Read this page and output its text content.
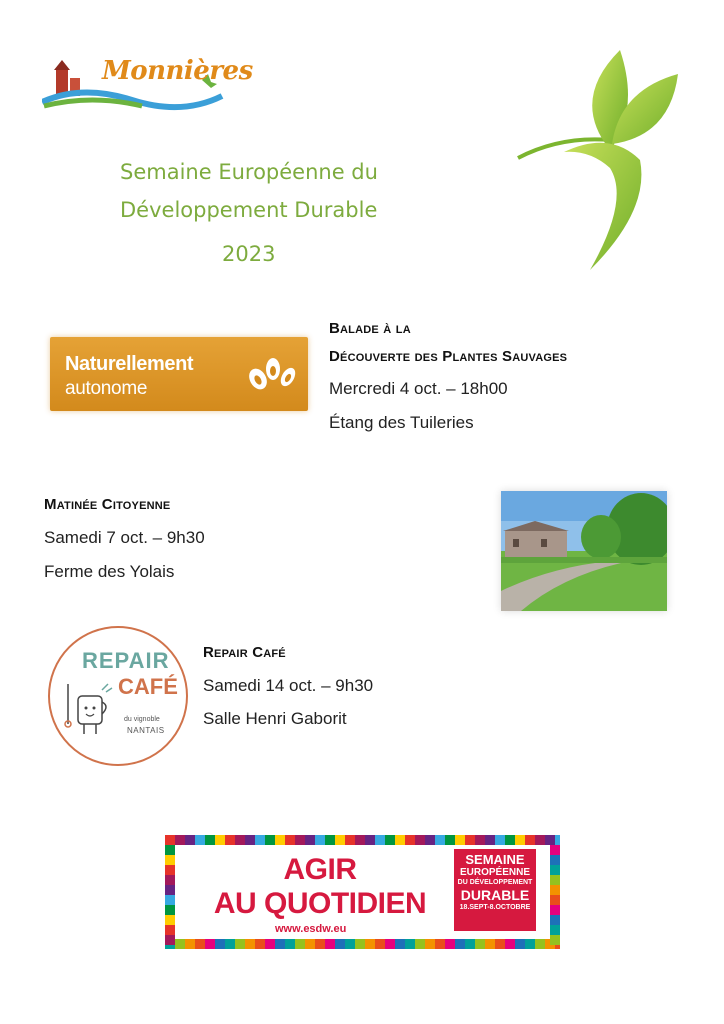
Monnières
Semaine Européenne du
Développement Durable
2023
Naturellement
autonome
Balade à la
Découverte des Plantes Sauvages
Mercredi 4 oct. – 18h00
Étang des Tuileries
Matinée Citoyenne
Samedi 7 oct. – 9h30
Ferme des Yolais
REPAIR
CAFÉ
du vignoble
NANTAIS
Repair Café
Samedi 14 oct. – 9h30
Salle Henri Gaborit
AGIR
AU QUOTIDIEN
www.esdw.eu
SEMAINE
EUROPÉENNE
DU DÉVELOPPEMENT
DURABLE
18.SEPT-8.OCTOBRE
